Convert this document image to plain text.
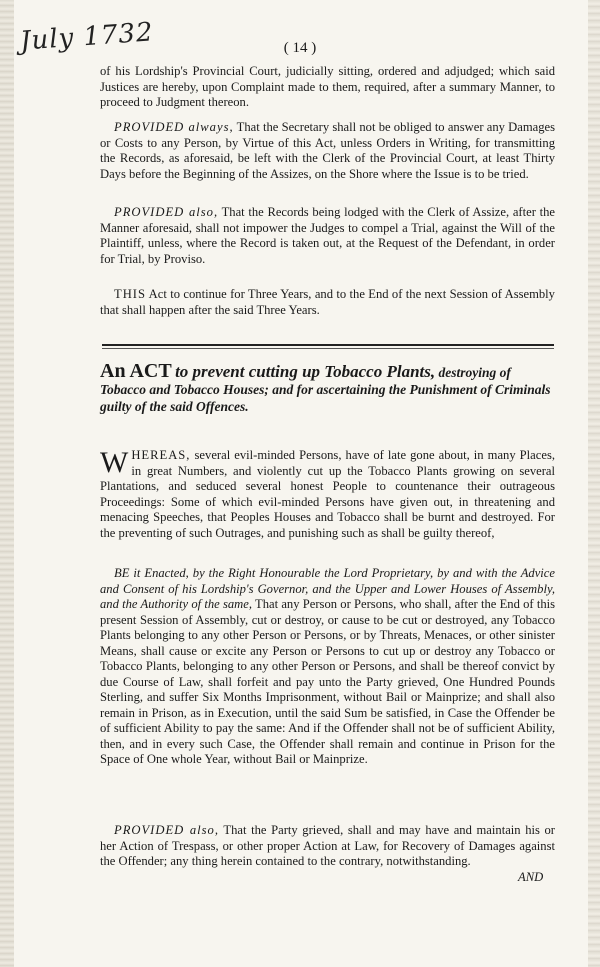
July 1732	( 14 )

of his Lordship's Provincial Court, judicially sitting, ordered and adjudged; which said Justices are hereby, upon Complaint made to them, required, after a summary Manner, to proceed to Judgment thereon.

PROVIDED always, That the Secretary shall not be obliged to answer any Damages or Costs to any Person, by Virtue of this Act, unless Orders in Writing, for transmitting the Records, as aforesaid, be left with the Clerk of the Provincial Court, at least Thirty Days before the Beginning of the Assizes, on the Shore where the Issue is to be tried.

PROVIDED also, That the Records being lodged with the Clerk of Assize, after the Manner aforesaid, shall not impower the Judges to compel a Trial, against the Will of the Plaintiff, unless, where the Record is taken out, at the Request of the Defendant, in order for Trial, by Proviso.

THIS Act to continue for Three Years, and to the End of the next Session of Assembly that shall happen after the said Three Years.

An ACT to prevent cutting up Tobacco Plants, destroying of Tobacco and Tobacco Houses; and for ascertaining the Punishment of Criminals guilty of the said Offences.

WHEREAS, several evil-minded Persons, have of late gone about, in many Places, in great Numbers, and violently cut up the Tobacco Plants growing on several Plantations, and seduced several honest People to countenance their outrageous Proceedings: Some of which evil-minded Persons have given out, in threatening and menacing Speeches, that Peoples Houses and Tobacco shall be burnt and destroyed. For the preventing of such Outrages, and punishing such as shall be guilty thereof,

BE it Enacted, by the Right Honourable the Lord Proprietary, by and with the Advice and Consent of his Lordship's Governor, and the Upper and Lower Houses of Assembly, and the Authority of the same, That any Person or Persons, who shall, after the End of this present Session of Assembly, cut or destroy, or cause to be cut or destroyed, any Tobacco Plants belonging to any other Person or Persons, or by Threats, Menaces, or other sinister Means, shall cause or excite any Person or Persons to cut up or destroy any Tobacco or Tobacco Plants, belonging to any other Person or Persons, and shall be thereof convict by due Course of Law, shall forfeit and pay unto the Party grieved, One Hundred Pounds Sterling, and suffer Six Months Imprisonment, without Bail or Mainprize; and shall also remain in Prison, as in Execution, until the said Sum be satisfied, in Case the Offender be of sufficient Ability to pay the same: And if the Offender shall not be of sufficient Ability, then, and in every such Case, the Offender shall remain and continue in Prison for the Space of One whole Year, without Bail or Mainprize.

PROVIDED also, That the Party grieved, shall and may have and maintain his or her Action of Trespass, or other proper Action at Law, for Recovery of Damages against the Offender; any thing herein contained to the contrary, notwithstanding.

AND
